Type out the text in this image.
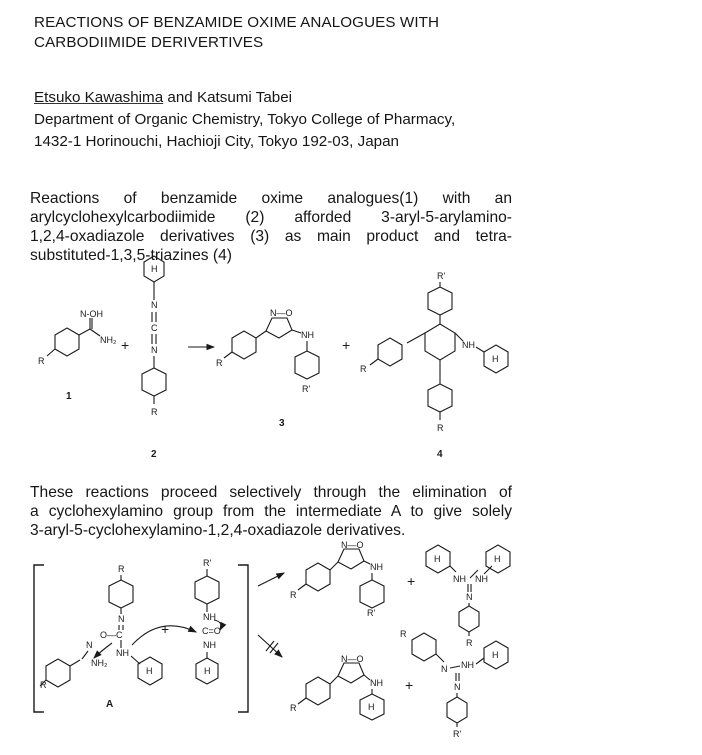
REACTIONS OF BENZAMIDE OXIME ANALOGUES WITH
CARBODIIMIDE DERIVERTIVES

Etsuko Kawashima and Katsumi Tabei

Department of Organic Chemistry, Tokyo College of Pharmacy,

1432-1 Horinouchi, Hachioji City, Tokyo 192-03, Japan

Reactions of benzamide oxime analogues(1) with an

arylcyclohexylcarbodiimide (2) afforded 3-aryl-5-arylamino-

1,2,4-oxadiazole derivatives (3) as main product and tetra-

substituted-1,3,5-triazines (4)

These reactions proceed selectively through the elimination of

a cyclohexylamino group from the intermediate A to give solely

3-aryl-5-cyclohexylamino-1,2,4-oxadiazole derivatives.

N-OH
NH₂
R
1
+
H
N
C
N
R
2
R
N—O
NH
R'
3
+
R'
R
NH
H
R
4
R
N
O—C
N
NH
H
NH₂
R
A
+
R'
NH
C=O
NH
H
R
N—O
NH
R'
+
H
NH NH
H
N
R
R
N—O
NH
H
+
R
N NH
H
N
R'
